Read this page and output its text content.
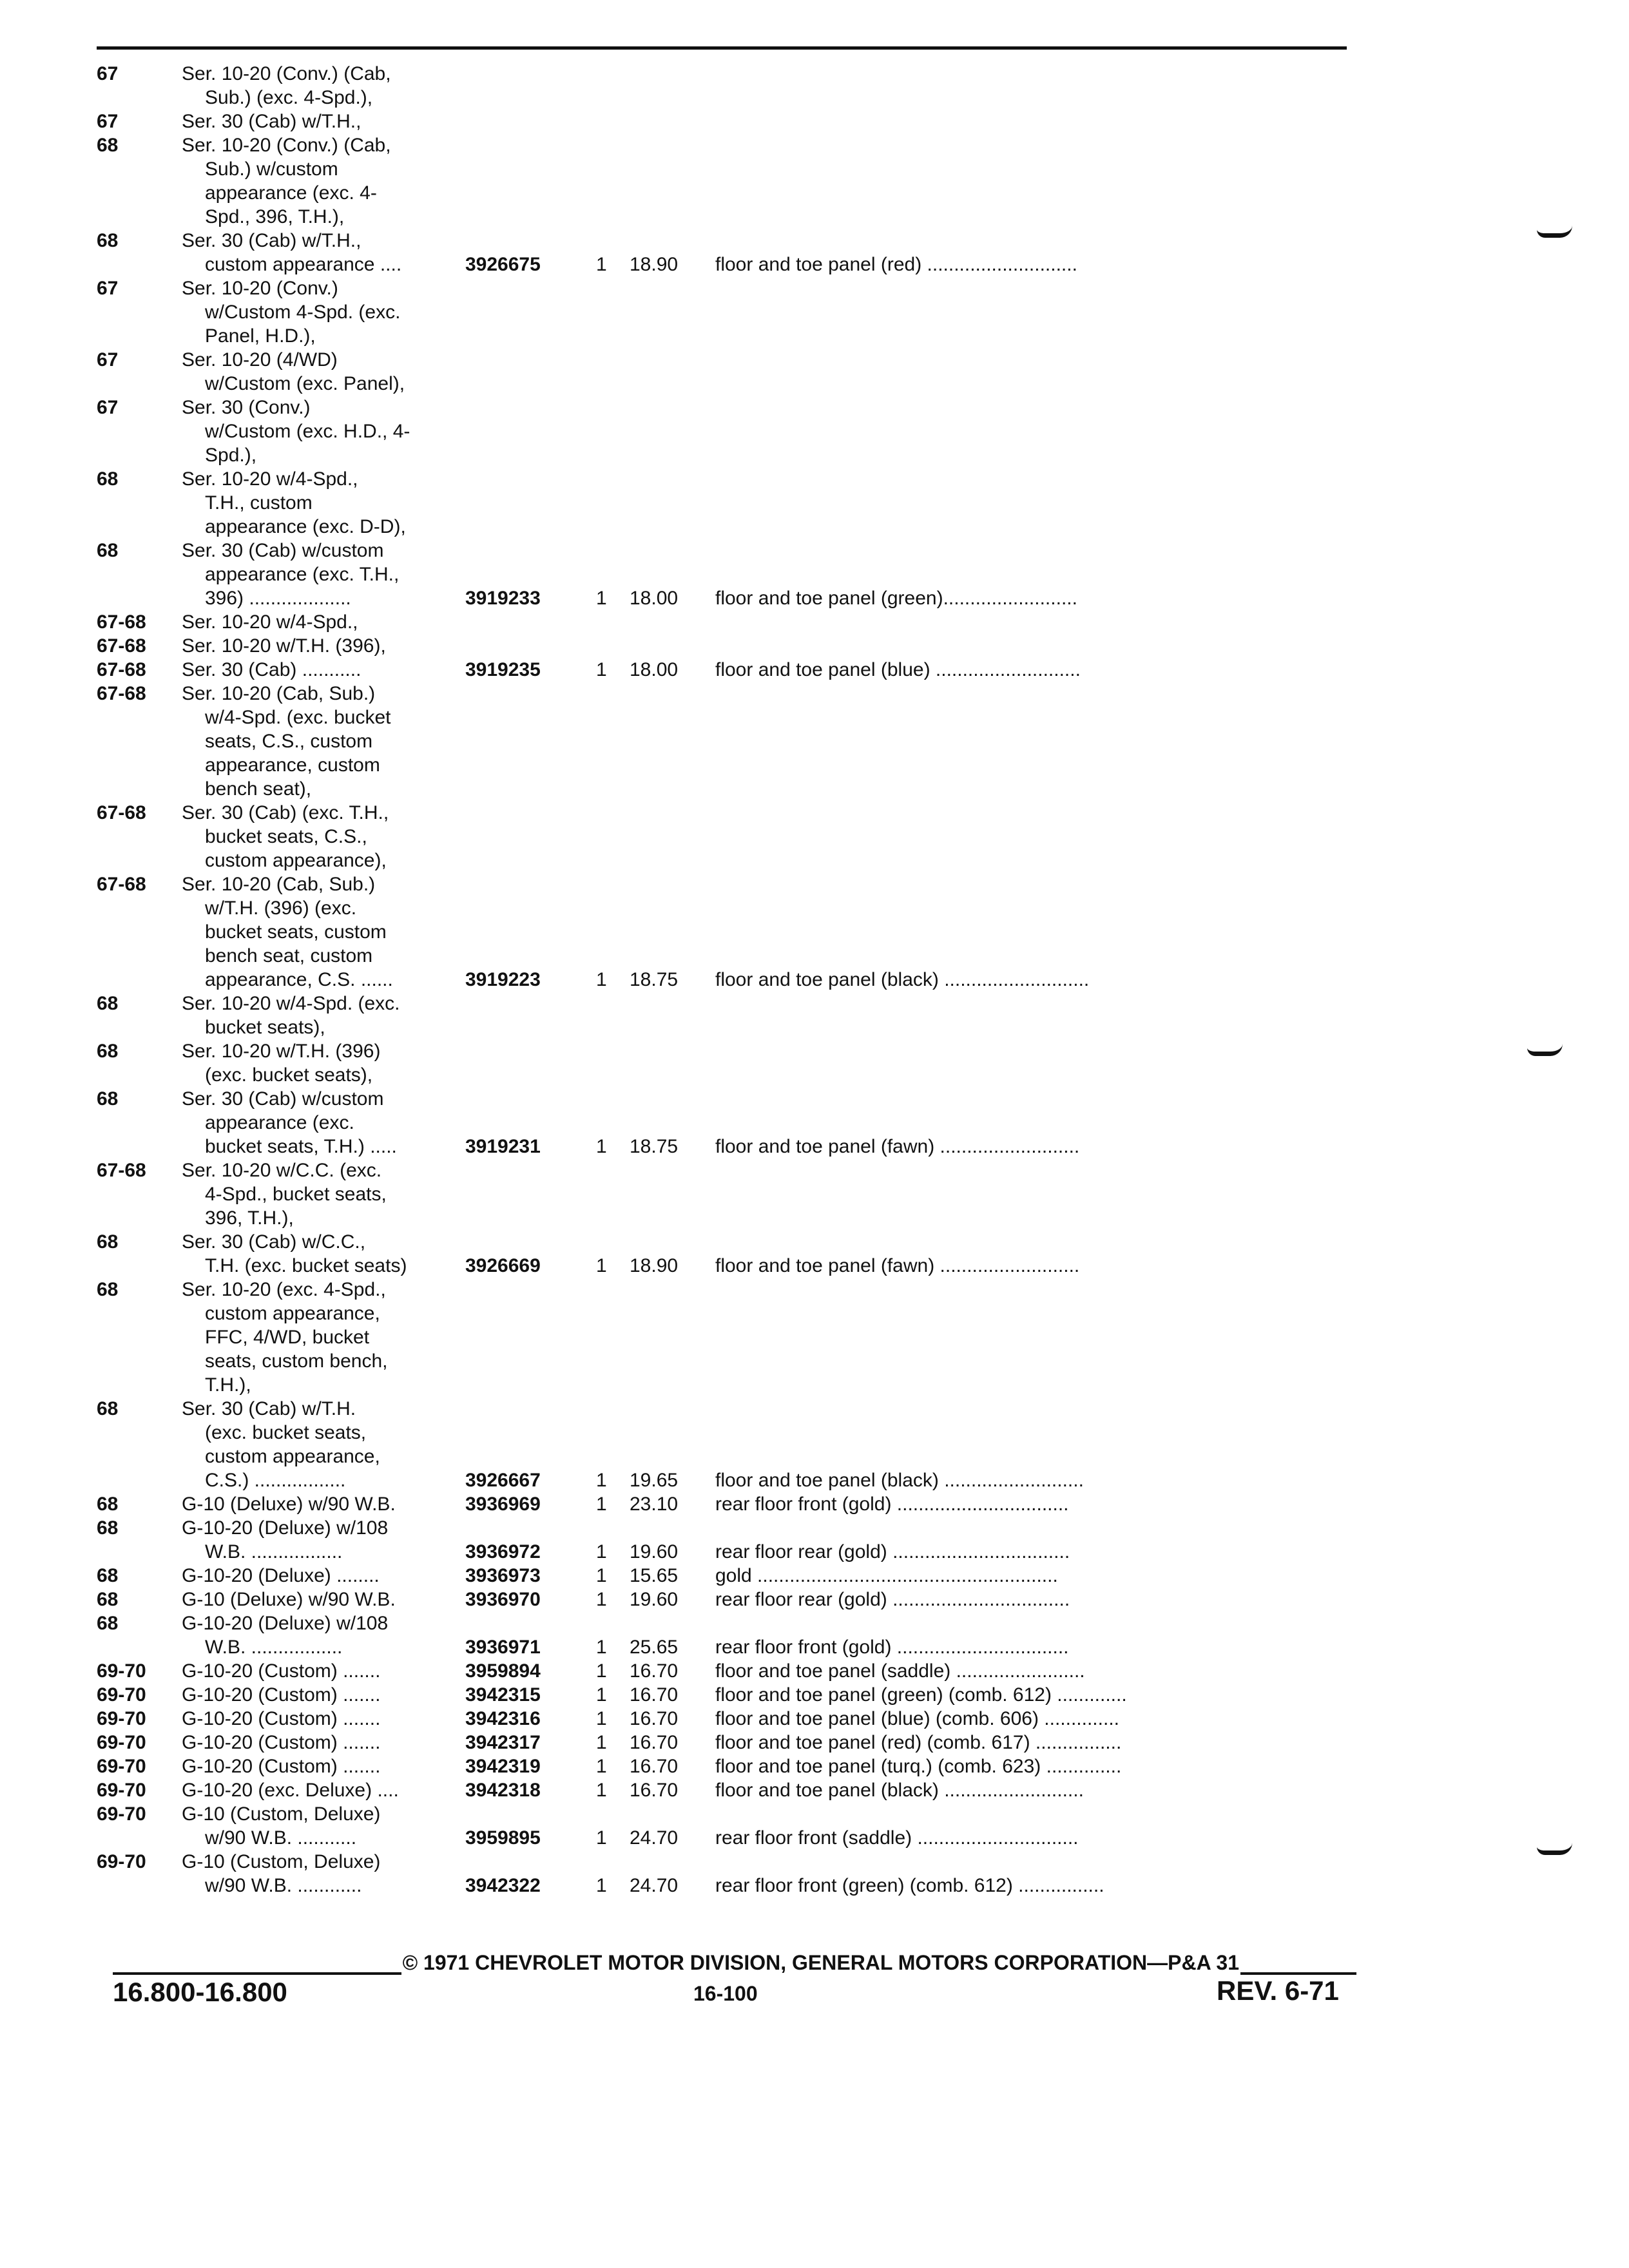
67	Ser. 10-20 (Conv.) (Cab,
Sub.) (exc. 4-Spd.),				

67	Ser. 30 (Cab) w/T.H.,				

68	Ser. 10-20 (Conv.) (Cab,
Sub.) w/custom
appearance (exc. 4-
Spd., 396, T.H.),				

68	Ser. 30 (Cab) w/T.H.,
custom appearance ....	3926675	1	18.90	floor and toe panel (red) ............................
67	Ser. 10-20 (Conv.)
w/Custom 4-Spd. (exc.
Panel, H.D.),				

67	Ser. 10-20 (4/WD)
w/Custom (exc. Panel),				

67	Ser. 30 (Conv.)
w/Custom (exc. H.D., 4-
Spd.),				

68	Ser. 10-20 w/4-Spd.,
T.H., custom
appearance (exc. D-D),				

68	Ser. 30 (Cab) w/custom
appearance (exc. T.H.,
396) ...................	3919233	1	18.00	floor and toe panel (green).........................
67-68	Ser. 10-20 w/4-Spd.,				

67-68	Ser. 10-20 w/T.H. (396),				

67-68	Ser. 30 (Cab) ...........	3919235	1	18.00	floor and toe panel (blue) ...........................
67-68	Ser. 10-20 (Cab, Sub.)
w/4-Spd. (exc. bucket
seats, C.S., custom
appearance, custom
bench seat),				

67-68	Ser. 30 (Cab) (exc. T.H.,
bucket seats, C.S.,
custom appearance),				

67-68	Ser. 10-20 (Cab, Sub.)
w/T.H. (396) (exc.
bucket seats, custom
bench seat, custom
appearance, C.S. ......	3919223	1	18.75	floor and toe panel (black) ...........................
68	Ser. 10-20 w/4-Spd. (exc.
bucket seats),				

68	Ser. 10-20 w/T.H. (396)
(exc. bucket seats),				

68	Ser. 30 (Cab) w/custom
appearance (exc.
bucket seats, T.H.) .....	3919231	1	18.75	floor and toe panel (fawn) ..........................
67-68	Ser. 10-20 w/C.C. (exc.
4-Spd., bucket seats,
396, T.H.),				

68	Ser. 30 (Cab) w/C.C.,
T.H. (exc. bucket seats)	3926669	1	18.90	floor and toe panel (fawn) ..........................
68	Ser. 10-20 (exc. 4-Spd.,
custom appearance,
FFC, 4/WD, bucket
seats, custom bench,
T.H.),				

68	Ser. 30 (Cab) w/T.H.
(exc. bucket seats,
custom appearance,
C.S.) .................	3926667	1	19.65	floor and toe panel (black) ..........................
68	G-10 (Deluxe) w/90 W.B.	3936969	1	23.10	rear floor front (gold) ................................
68	G-10-20 (Deluxe) w/108
W.B. .................	3936972	1	19.60	rear floor rear (gold) .................................
68	G-10-20 (Deluxe) ........	3936973	1	15.65	gold ........................................................
68	G-10 (Deluxe) w/90 W.B.	3936970	1	19.60	rear floor rear (gold) .................................
68	G-10-20 (Deluxe) w/108
W.B. .................	3936971	1	25.65	rear floor front (gold) ................................
69-70	G-10-20 (Custom) .......	3959894	1	16.70	floor and toe panel (saddle) ........................
69-70	G-10-20 (Custom) .......	3942315	1	16.70	floor and toe panel (green) (comb. 612) .............
69-70	G-10-20 (Custom) .......	3942316	1	16.70	floor and toe panel (blue) (comb. 606) ..............
69-70	G-10-20 (Custom) .......	3942317	1	16.70	floor and toe panel (red) (comb. 617) ................
69-70	G-10-20 (Custom) .......	3942319	1	16.70	floor and toe panel (turq.) (comb. 623) ..............
69-70	G-10-20 (exc. Deluxe) ....	3942318	1	16.70	floor and toe panel (black) ..........................
69-70	G-10 (Custom, Deluxe)
w/90 W.B. ...........	3959895	1	24.70	rear floor front (saddle) ..............................
69-70	G-10 (Custom, Deluxe)
w/90 W.B. ............	3942322	1	24.70	rear floor front (green) (comb. 612) ................
© 1971 CHEVROLET MOTOR DIVISION, GENERAL MOTORS CORPORATION—P&A 31
16.800-16.800	16-100	REV. 6-71
